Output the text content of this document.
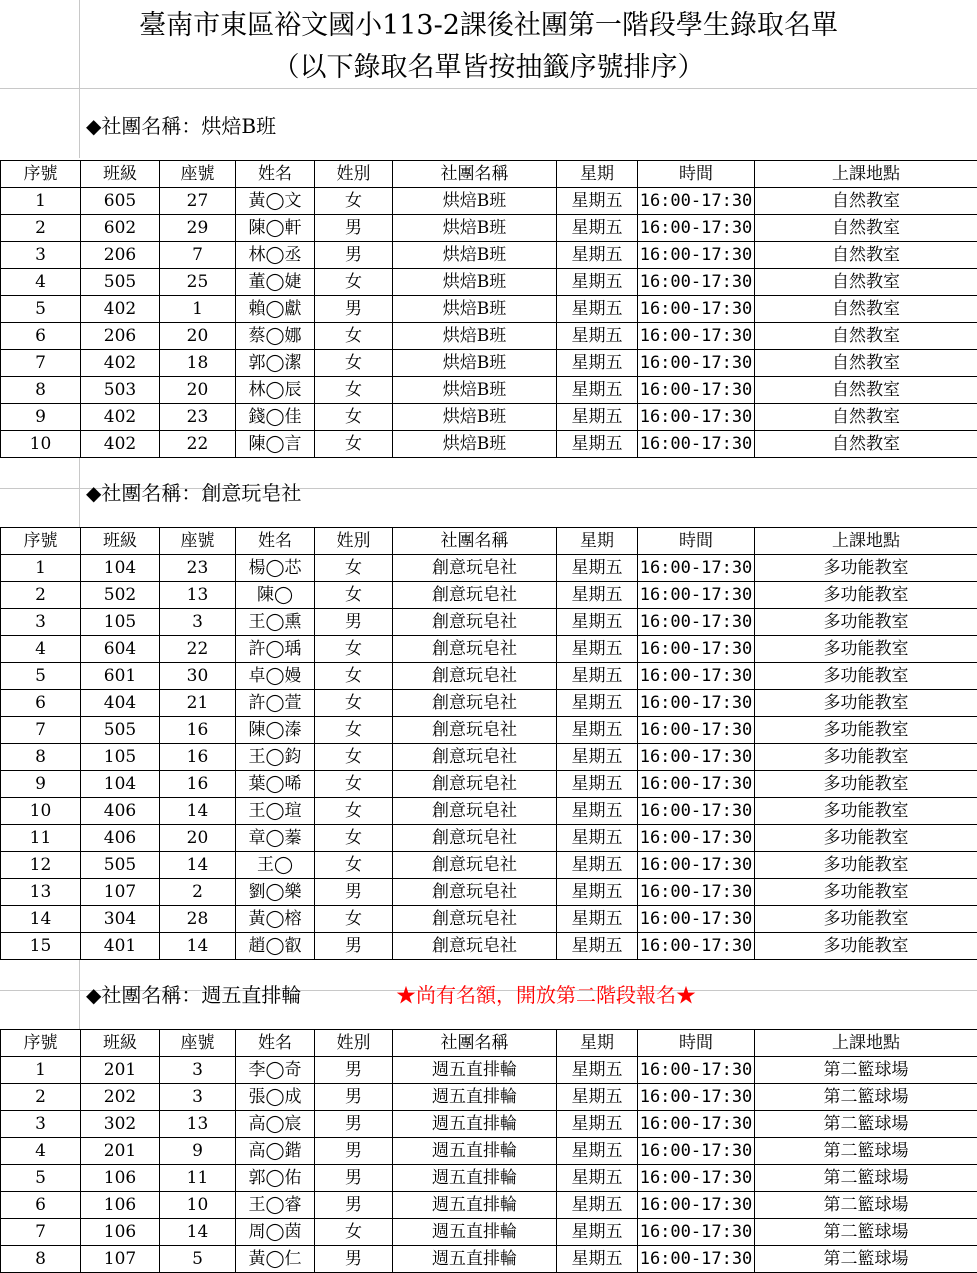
臺南市東區裕文國小113-2課後社團第一階段學生錄取名單
（以下錄取名單皆按抽籤序號排序）
◆社團名稱：烘焙B班
序號	班級	座號	姓名	姓別	社團名稱	星期	時間	上課地點
1	605	27	黃◯文	女	烘焙B班	星期五	16:00-17:30	自然教室
2	602	29	陳◯軒	男	烘焙B班	星期五	16:00-17:30	自然教室
3	206	7	林◯丞	男	烘焙B班	星期五	16:00-17:30	自然教室
4	505	25	董◯婕	女	烘焙B班	星期五	16:00-17:30	自然教室
5	402	1	賴◯獻	男	烘焙B班	星期五	16:00-17:30	自然教室
6	206	20	蔡◯娜	女	烘焙B班	星期五	16:00-17:30	自然教室
7	402	18	郭◯潔	女	烘焙B班	星期五	16:00-17:30	自然教室
8	503	20	林◯辰	女	烘焙B班	星期五	16:00-17:30	自然教室
9	402	23	錢◯佳	女	烘焙B班	星期五	16:00-17:30	自然教室
10	402	22	陳◯言	女	烘焙B班	星期五	16:00-17:30	自然教室
◆社團名稱：創意玩皂社
序號	班級	座號	姓名	姓別	社團名稱	星期	時間	上課地點
1	104	23	楊◯芯	女	創意玩皂社	星期五	16:00-17:30	多功能教室
2	502	13	陳◯	女	創意玩皂社	星期五	16:00-17:30	多功能教室
3	105	3	王◯熏	男	創意玩皂社	星期五	16:00-17:30	多功能教室
4	604	22	許◯瑀	女	創意玩皂社	星期五	16:00-17:30	多功能教室
5	601	30	卓◯嫚	女	創意玩皂社	星期五	16:00-17:30	多功能教室
6	404	21	許◯萱	女	創意玩皂社	星期五	16:00-17:30	多功能教室
7	505	16	陳◯溱	女	創意玩皂社	星期五	16:00-17:30	多功能教室
8	105	16	王◯鈞	女	創意玩皂社	星期五	16:00-17:30	多功能教室
9	104	16	葉◯唏	女	創意玩皂社	星期五	16:00-17:30	多功能教室
10	406	14	王◯瑄	女	創意玩皂社	星期五	16:00-17:30	多功能教室
11	406	20	章◯蓁	女	創意玩皂社	星期五	16:00-17:30	多功能教室
12	505	14	王◯	女	創意玩皂社	星期五	16:00-17:30	多功能教室
13	107	2	劉◯樂	男	創意玩皂社	星期五	16:00-17:30	多功能教室
14	304	28	黃◯榕	女	創意玩皂社	星期五	16:00-17:30	多功能教室
15	401	14	趙◯叡	男	創意玩皂社	星期五	16:00-17:30	多功能教室
◆社團名稱：週五直排輪	★尚有名額，開放第二階段報名★
序號	班級	座號	姓名	姓別	社團名稱	星期	時間	上課地點
1	201	3	李◯奇	男	週五直排輪	星期五	16:00-17:30	第二籃球場
2	202	3	張◯成	男	週五直排輪	星期五	16:00-17:30	第二籃球場
3	302	13	高◯宸	男	週五直排輪	星期五	16:00-17:30	第二籃球場
4	201	9	高◯鍇	男	週五直排輪	星期五	16:00-17:30	第二籃球場
5	106	11	郭◯佑	男	週五直排輪	星期五	16:00-17:30	第二籃球場
6	106	10	王◯睿	男	週五直排輪	星期五	16:00-17:30	第二籃球場
7	106	14	周◯茵	女	週五直排輪	星期五	16:00-17:30	第二籃球場
8	107	5	黃◯仁	男	週五直排輪	星期五	16:00-17:30	第二籃球場
